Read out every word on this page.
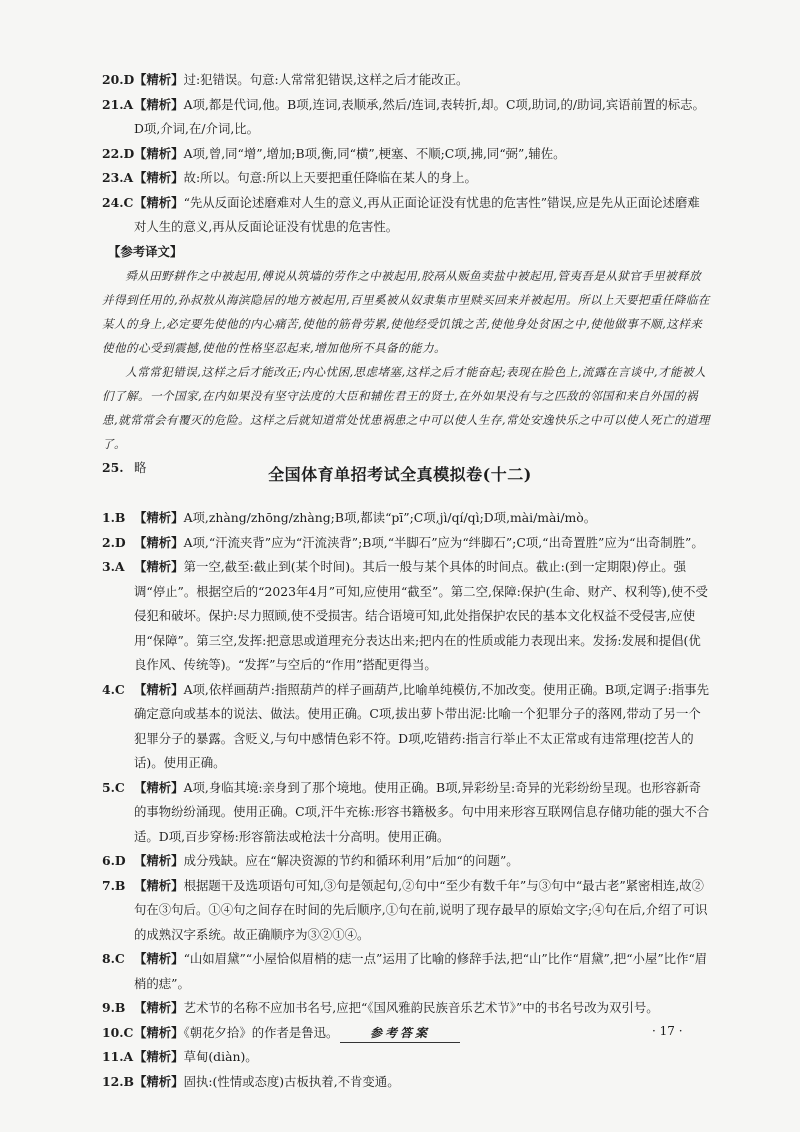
20.D 【精析】过:犯错误。句意:人常常犯错误,这样之后才能改正。
21.A 【精析】A项,都是代词,他。B项,连词,表顺承,然后/连词,表转折,却。C项,助词,的/助词,宾语前置的标志。D项,介词,在/介词,比。
22.D 【精析】A项,曾,同“增”,增加;B项,衡,同“横”,梗塞、不顺;C项,拂,同“弼”,辅佐。
23.A 【精析】故:所以。句意:所以上天要把重任降临在某人的身上。
24.C 【精析】“先从反面论述磨难对人生的意义,再从正面论证没有忧患的危害性”错误,应是先从正面论述磨难对人生的意义,再从反面论证没有忧患的危害性。
【参考译文】

舜从田野耕作之中被起用,傅说从筑墙的劳作之中被起用,胶鬲从贩鱼卖盐中被起用,管夷吾是从狱官手里被释放并得到任用的,孙叔敖从海滨隐居的地方被起用,百里奚被从奴隶集市里赎买回来并被起用。所以上天要把重任降临在某人的身上,必定要先使他的内心痛苦,使他的筋骨劳累,使他经受饥饿之苦,使他身处贫困之中,使他做事不顺,这样来使他的心受到震撼,使他的性格坚忍起来,增加他所不具备的能力。

人常常犯错误,这样之后才能改正;内心忧困,思虑堵塞,这样之后才能奋起;表现在脸色上,流露在言谈中,才能被人们了解。一个国家,在内如果没有坚守法度的大臣和辅佐君王的贤士,在外如果没有与之匹敌的邻国和来自外国的祸患,就常常会有覆灭的危险。这样之后就知道常处忧患祸患之中可以使人生存,常处安逸快乐之中可以使人死亡的道理了。

25. 略	全国体育单招考试全真模拟卷(十二)
1.B 【精析】A项,zhàng/zhōng/zhàng;B项,都读“pī”;C项,jì/qí/qì;D项,mài/mài/mò。
2.D 【精析】A项,“汗流夹背”应为“汗流浃背”;B项,“半脚石”应为“绊脚石”;C项,“出奇置胜”应为“出奇制胜”。
3.A 【精析】第一空,截至:截止到(某个时间)。其后一般与某个具体的时间点。截止:(到一定期限)停止。强调“停止”。根据空后的“2023年4月”可知,应使用“截至”。第二空,保障:保护(生命、财产、权利等),使不受侵犯和破坏。保护:尽力照顾,使不受损害。结合语境可知,此处指保护农民的基本文化权益不受侵害,应使用“保障”。第三空,发挥:把意思或道理充分表达出来;把内在的性质或能力表现出来。发扬:发展和提倡(优良作风、传统等)。“发挥”与空后的“作用”搭配更得当。
4.C 【精析】A项,依样画葫芦:指照葫芦的样子画葫芦,比喻单纯模仿,不加改变。使用正确。B项,定调子:指事先确定意向或基本的说法、做法。使用正确。C项,拔出萝卜带出泥:比喻一个犯罪分子的落网,带动了另一个犯罪分子的暴露。含贬义,与句中感情色彩不符。D项,吃错药:指言行举止不太正常或有违常理(挖苦人的话)。使用正确。
5.C 【精析】A项,身临其境:亲身到了那个境地。使用正确。B项,异彩纷呈:奇异的光彩纷纷呈现。也形容新奇的事物纷纷涌现。使用正确。C项,汗牛充栋:形容书籍极多。句中用来形容互联网信息存储功能的强大不合适。D项,百步穿杨:形容箭法或枪法十分高明。使用正确。
6.D 【精析】成分残缺。应在“解决资源的节约和循环利用”后加“的问题”。
7.B 【精析】根据题干及选项语句可知,③句是领起句,②句中“至少有数千年”与③句中“最古老”紧密相连,故②句在③句后。①④句之间存在时间的先后顺序,①句在前,说明了现存最早的原始文字;④句在后,介绍了可识的成熟汉字系统。故正确顺序为③②①④。
8.C 【精析】“山如眉黛”“小屋恰似眉梢的痣一点”运用了比喻的修辞手法,把“山”比作“眉黛”,把“小屋”比作“眉梢的痣”。
9.B 【精析】艺术节的名称不应加书名号,应把“《国风雅韵民族音乐艺术节》”中的书名号改为双引号。
10.C 【精析】《朝花夕拾》的作者是鲁迅。
11.A 【精析】草甸(diàn)。
12.B 【精析】固执:(性情或态度)古板执着,不肯变通。
参考答案	· 17 ·
